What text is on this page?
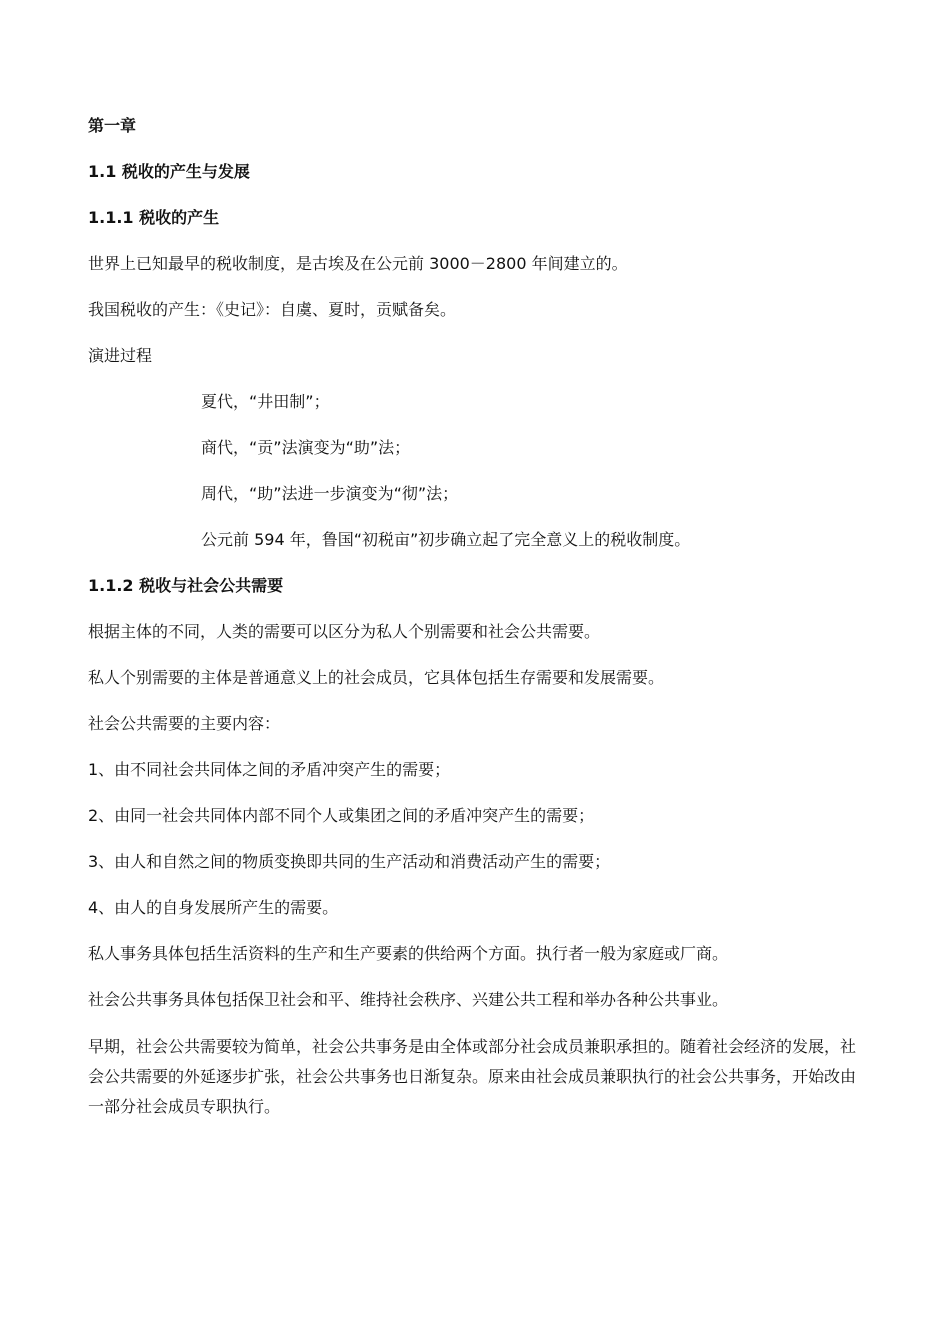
第一章
1.1 税收的产生与发展
1.1.1 税收的产生
世界上已知最早的税收制度，是古埃及在公元前 3000－2800 年间建立的。
我国税收的产生：《史记》：自虞、夏时，贡赋备矣。
演进过程
夏代，“井田制”；
商代，“贡”法演变为“助”法；
周代，“助”法进一步演变为“彻”法；
公元前 594 年，鲁国“初税亩”初步确立起了完全意义上的税收制度。
1.1.2 税收与社会公共需要
根据主体的不同，人类的需要可以区分为私人个别需要和社会公共需要。
私人个别需要的主体是普通意义上的社会成员，它具体包括生存需要和发展需要。
社会公共需要的主要内容：
1、由不同社会共同体之间的矛盾冲突产生的需要；
2、由同一社会共同体内部不同个人或集团之间的矛盾冲突产生的需要；
3、由人和自然之间的物质变换即共同的生产活动和消费活动产生的需要；
4、由人的自身发展所产生的需要。
私人事务具体包括生活资料的生产和生产要素的供给两个方面。执行者一般为家庭或厂商。
社会公共事务具体包括保卫社会和平、维持社会秩序、兴建公共工程和举办各种公共事业。
早期，社会公共需要较为简单，社会公共事务是由全体或部分社会成员兼职承担的。随着社会经济的发展，社会公共需要的外延逐步扩张，社会公共事务也日渐复杂。原来由社会成员兼职执行的社会公共事务，开始改由一部分社会成员专职执行。
